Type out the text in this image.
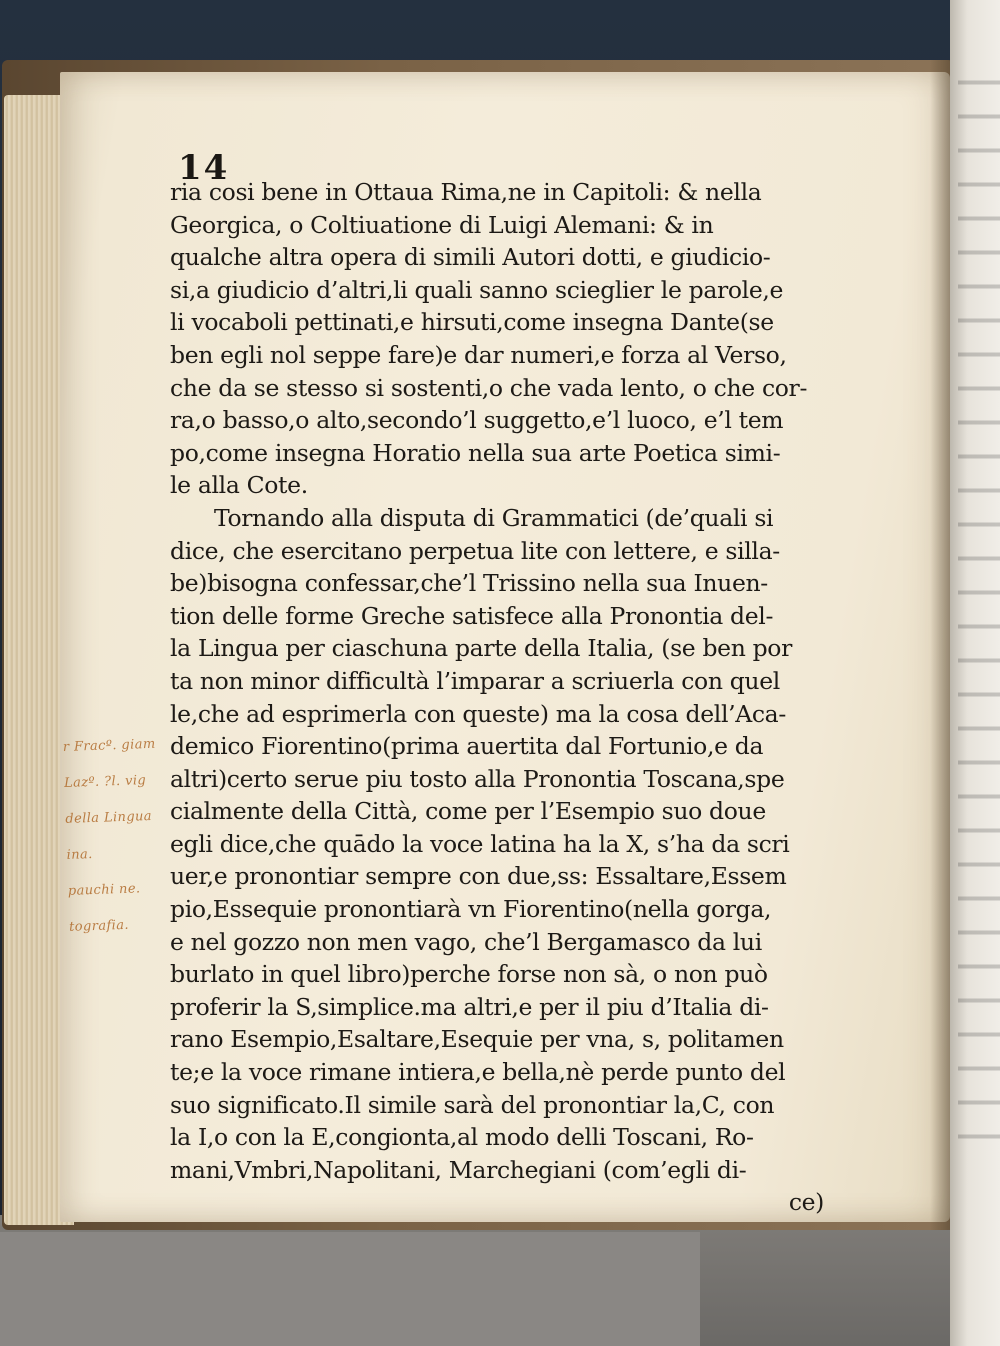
14

ria cosi bene in Ottaua Rima,ne in Capitoli: & nella
Georgica, o Coltiuatione di Luigi Alemani: & in
qualche altra opera di simili Autori dotti, e giudicio-
si,a giudicio d’altri,li quali sanno scieglier le parole,e
li vocaboli pettinati,e hirsuti,come insegna Dante(se
ben egli nol seppe fare)e dar numeri,e forza al Verso,
che da se stesso si sostenti,o che vada lento, o che cor-
ra,o basso,o alto,secondo’l suggetto,e’l luoco, e’l tem
po,come insegna Horatio nella sua arte Poetica simi-
le alla Cote.
Tornando alla disputa di Grammatici (de’quali si
dice, che esercitano perpetua lite con lettere, e silla-
be)bisogna confessar,che’l Trissino nella sua Inuen-
tion delle forme Greche satisfece alla Pronontia del-
la Lingua per ciaschuna parte della Italia, (se ben por
ta non minor difficultà l’imparar a scriuerla con quel
le,che ad esprimerla con queste) ma la cosa dell’Aca-
demico Fiorentino(prima auertita dal Fortunio,e da
altri)certo serue piu tosto alla Pronontia Toscana,spe
cialmente della Città, come per l’Esempio suo doue
egli dice,che quādo la voce latina ha la X, s’ha da scri
uer,e pronontiar sempre con due,ss: Essaltare,Essem
pio,Essequie pronontiarà vn Fiorentino(nella gorga,
e nel gozzo non men vago, che’l Bergamasco da lui
burlato in quel libro)perche forse non sà, o non può
proferir la S,simplice.ma altri,e per il piu d’Italia di-
rano Esempio,Esaltare,Esequie per vna, s, politamen
te;e la voce rimane intiera,e bella,nè perde punto del
suo significato.Il simile sarà del pronontiar la,C, con
la I,o con la E,congionta,al modo delli Toscani, Ro-
mani,Vmbri,Napolitani, Marchegiani (com’egli di-
ce)
r Fracº. giam
Lazº. ?l. vig
della Lingua
ina.
pauchi ne.
tografia.
